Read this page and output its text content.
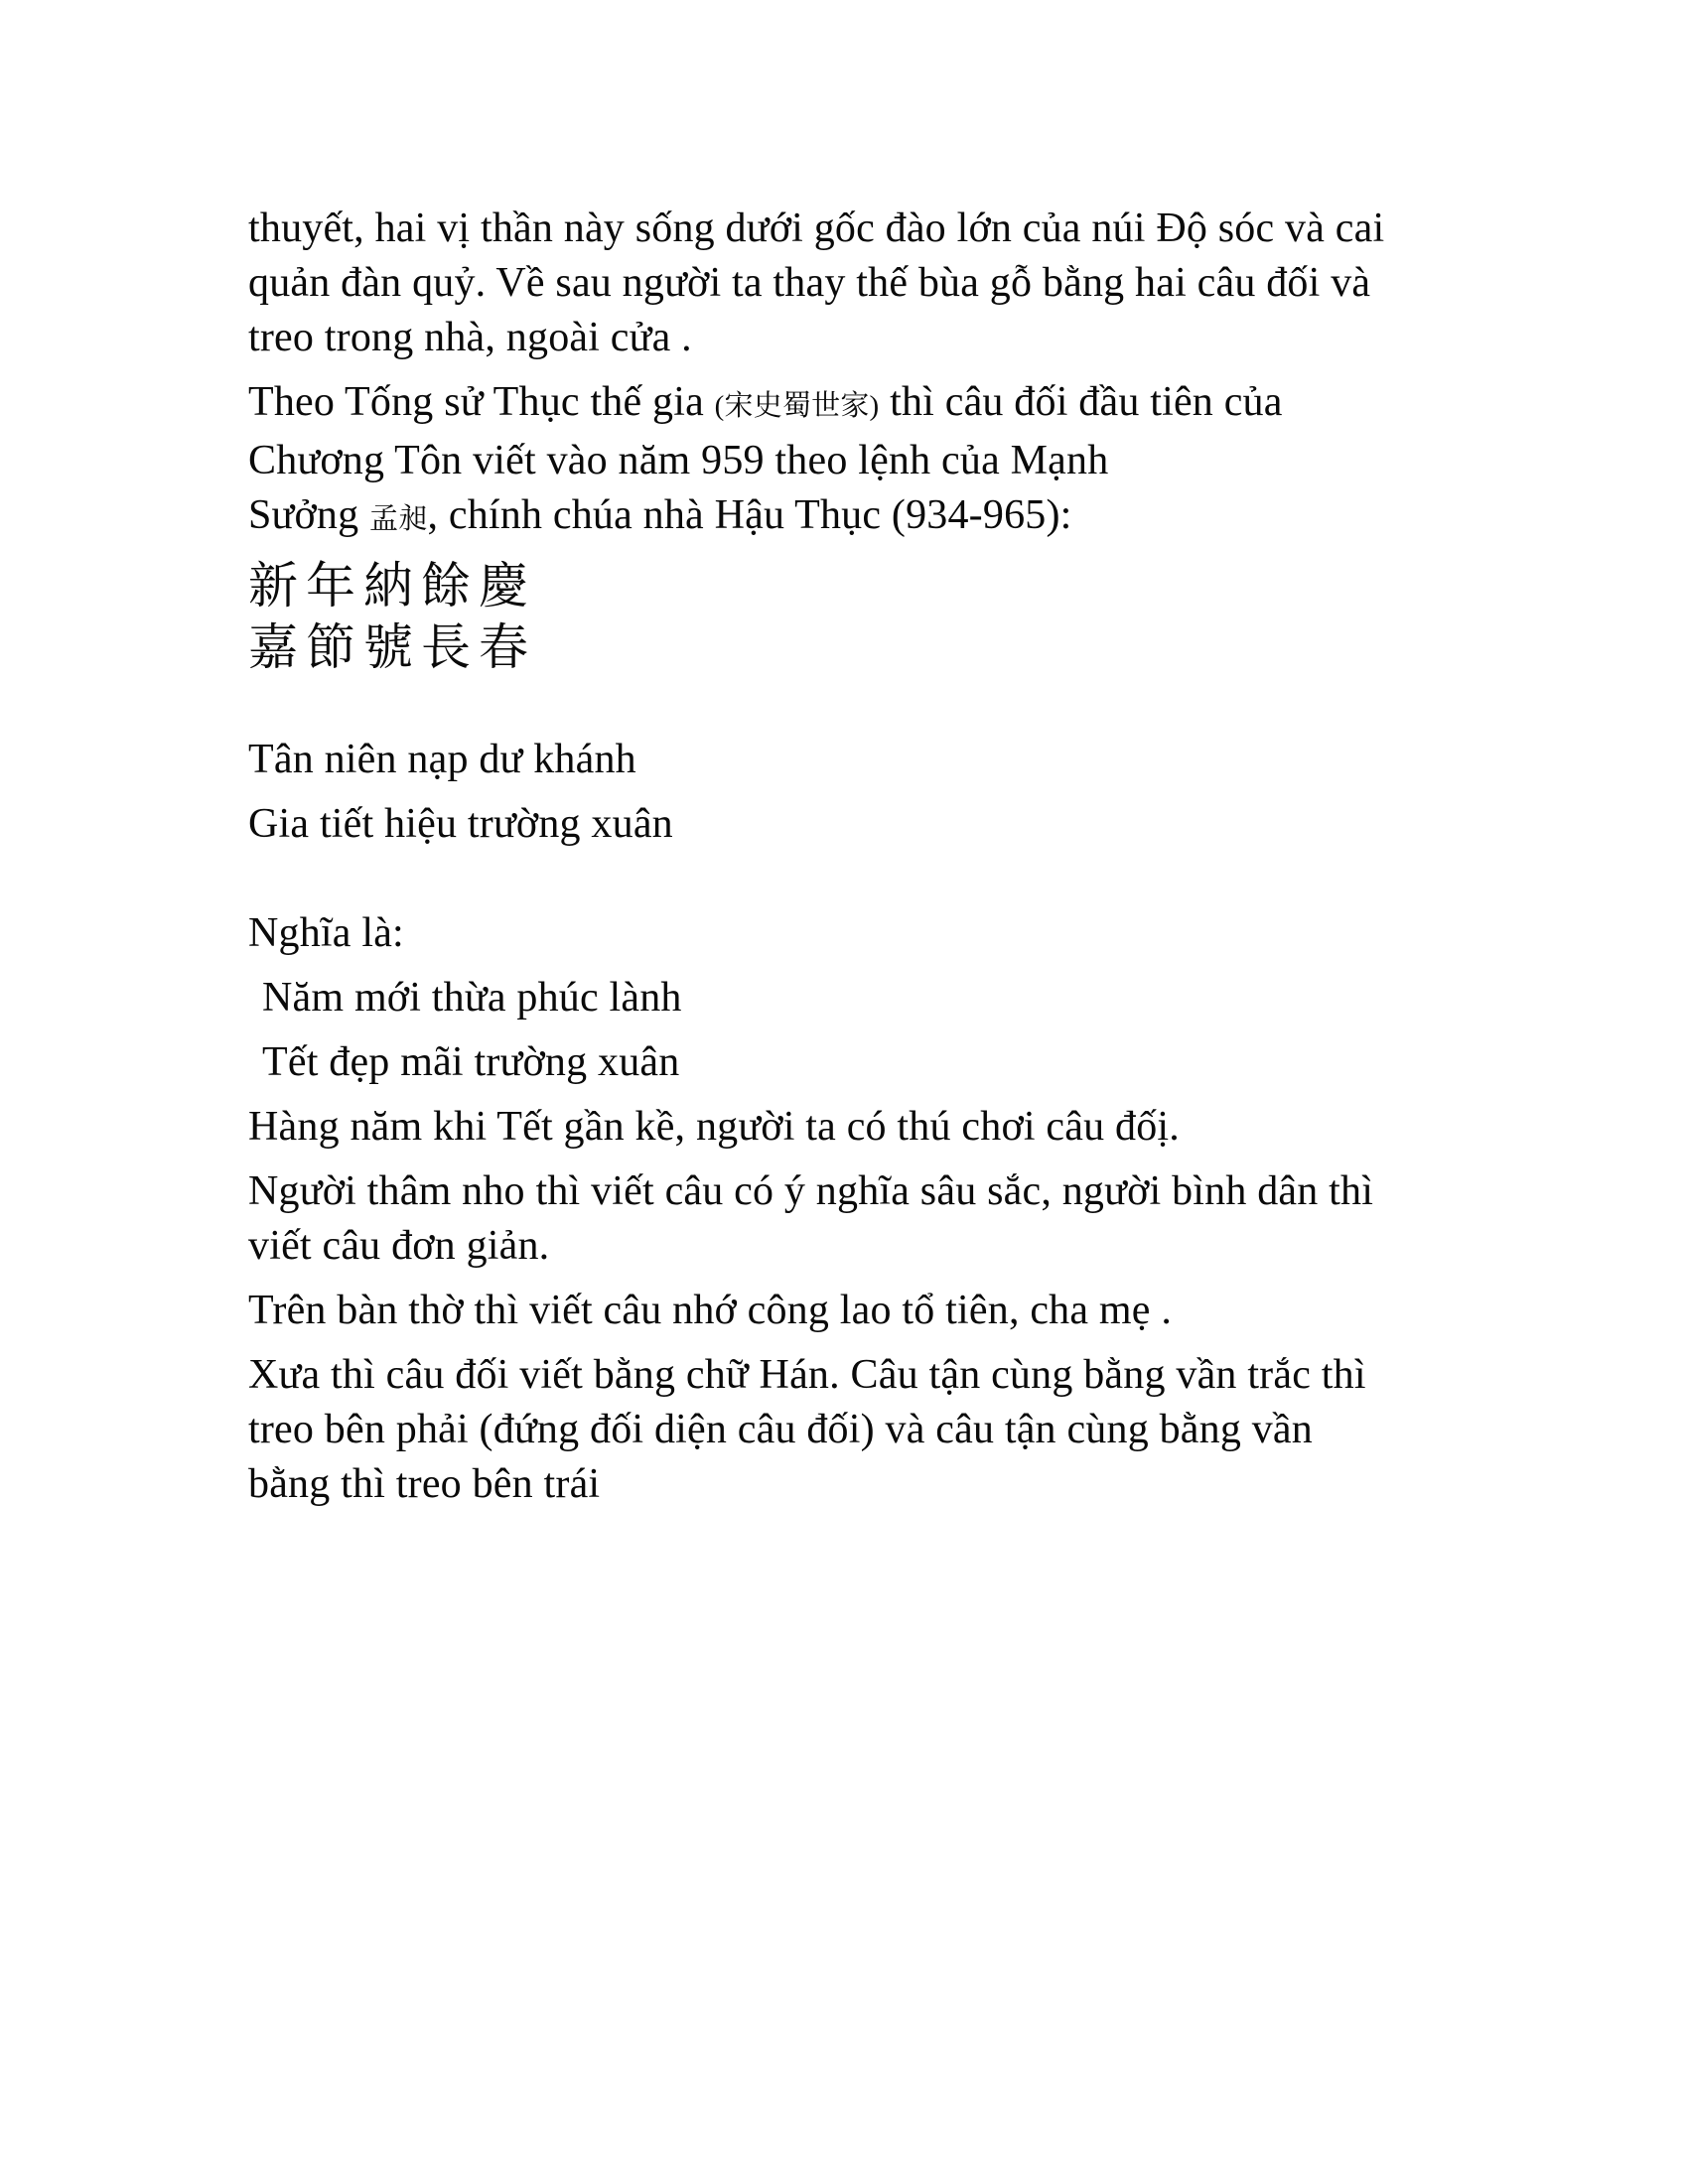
thuyết, hai vị thần này sống dưới gốc đào lớn của núi Độ sóc và cai
quản đàn quỷ. Về sau người ta thay thế bùa gỗ bằng hai câu đối và
treo trong nhà, ngoài cửa .
Theo Tống sử Thục thế gia (宋史蜀世家) thì câu đối đầu tiên của
Chương Tôn viết vào năm 959 theo lệnh của Mạnh
Sưởng 孟昶, chính chúa nhà Hậu Thục (934-965):
新年納餘慶
嘉節號長春
Tân niên nạp dư khánh
Gia tiết hiệu trường xuân
Nghĩa là:
Năm mới thừa phúc lành
Tết đẹp mãi trường xuân
Hàng năm khi Tết gần kề, người ta có thú chơi câu đốị.
Người thâm nho thì viết câu có ý nghĩa sâu sắc, người bình dân thì
viết câu đơn giản.
Trên bàn thờ thì viết câu nhớ công lao tổ tiên, cha mẹ .
Xưa thì câu đối viết bằng chữ Hán. Câu tận cùng bằng vần trắc thì
treo bên phải (đứng đối diện câu đối) và câu tận cùng bằng vần
bằng thì treo bên trái
